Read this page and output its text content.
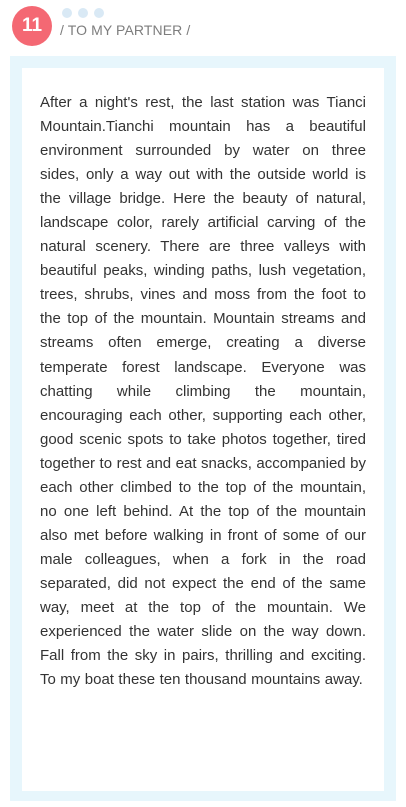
11	/ TO MY PARTNER /

After a night's rest, the last station was Tianci Mountain.Tianchi mountain has a beautiful environment surrounded by water on three sides, only a way out with the outside world is the village bridge. Here the beauty of natural, landscape color, rarely artificial carving of the natural scenery. There are three valleys with beautiful peaks, winding paths, lush vegetation, trees, shrubs, vines and moss from the foot to the top of the mountain. Mountain streams and streams often emerge, creating a diverse temperate forest landscape. Everyone was chatting while climbing the mountain, encouraging each other, supporting each other, good scenic spots to take photos together, tired together to rest and eat snacks, accompanied by each other climbed to the top of the mountain, no one left behind. At the top of the mountain also met before walking in front of some of our male colleagues, when a fork in the road separated, did not expect the end of the same way, meet at the top of the mountain. We experienced the water slide on the way down. Fall from the sky in pairs, thrilling and exciting. To my boat these ten thousand mountains away.
